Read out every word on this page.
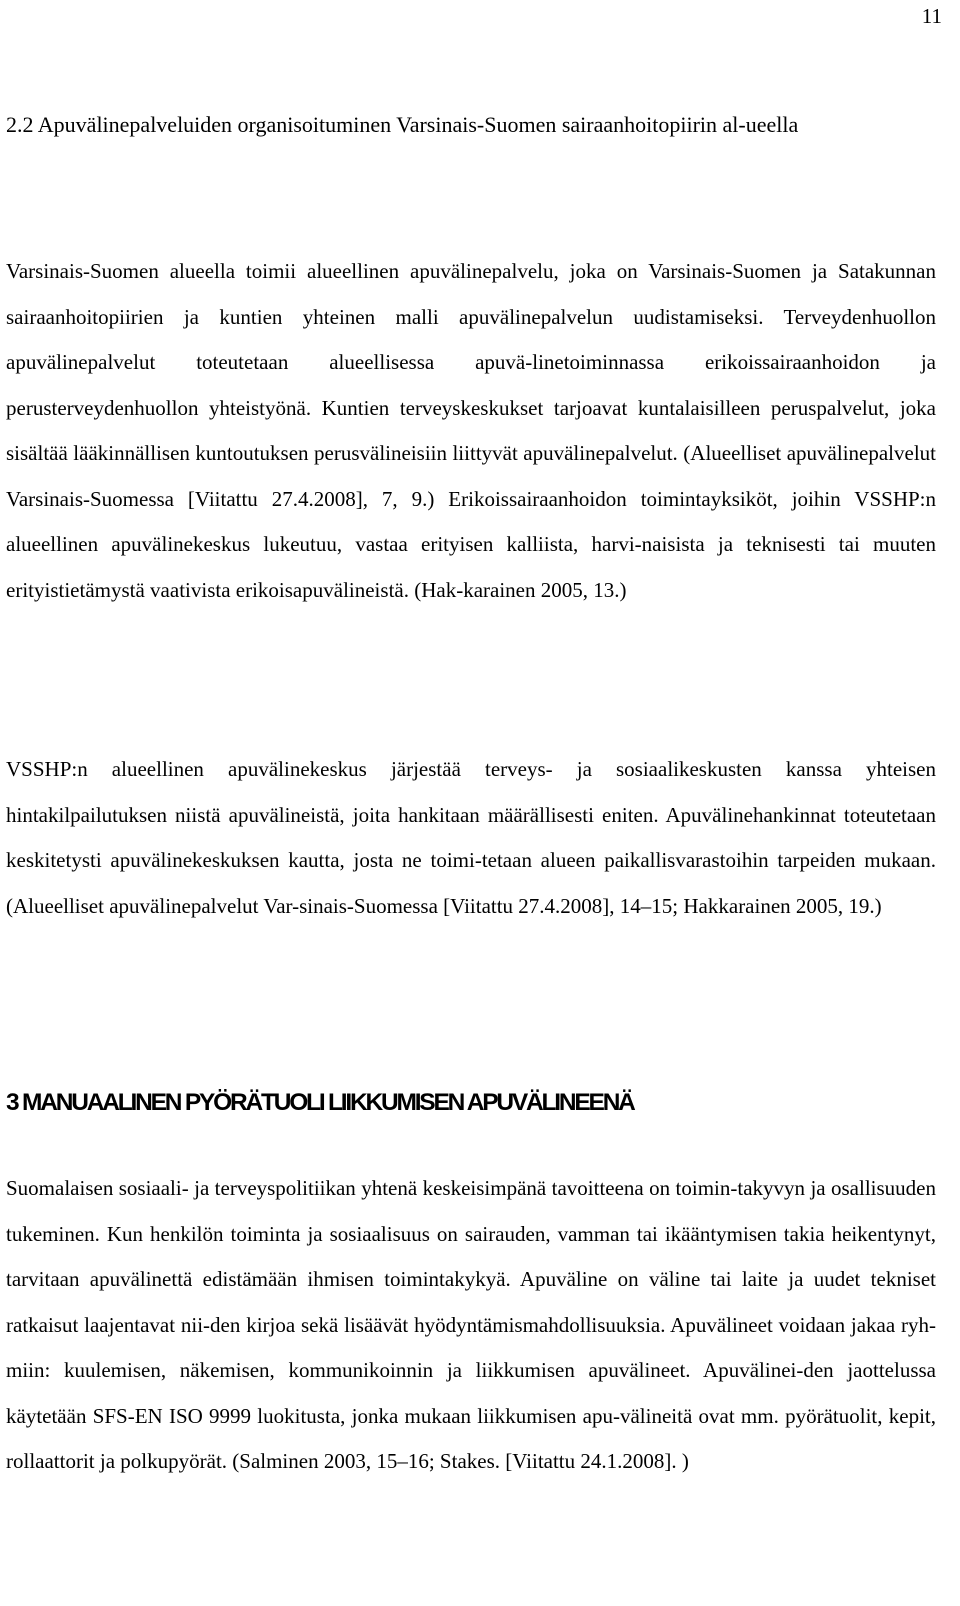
11
2.2 Apuvälinepalveluiden organisoituminen Varsinais-Suomen sairaanhoitopiirin al-ueella

Varsinais-Suomen alueella toimii alueellinen apuvälinepalvelu, joka on Varsinais-Suomen ja Satakunnan sairaanhoitopiirien ja kuntien yhteinen malli apuvälinepalvelun uudistamiseksi. Terveydenhuollon apuvälinepalvelut toteutetaan alueellisessa apuvä-linetoiminnassa erikoissairaanhoidon ja perusterveydenhuollon yhteistyönä. Kuntien terveyskeskukset tarjoavat kuntalaisilleen peruspalvelut, joka sisältää lääkinnällisen kuntoutuksen perusvälineisiin liittyvät apuvälinepalvelut. (Alueelliset apuvälinepalvelut Varsinais-Suomessa [Viitattu 27.4.2008], 7, 9.) Erikoissairaanhoidon toimintayksiköt, joihin VSSHP:n alueellinen apuvälinekeskus lukeutuu, vastaa erityisen kalliista, harvi-naisista ja teknisesti tai muuten erityistietämystä vaativista erikoisapuvälineistä. (Hak-karainen 2005, 13.)

VSSHP:n alueellinen apuvälinekeskus järjestää terveys- ja sosiaalikeskusten kanssa yhteisen hintakilpailutuksen niistä apuvälineistä, joita hankitaan määrällisesti eniten. Apuvälinehankinnat toteutetaan keskitetysti apuvälinekeskuksen kautta, josta ne toimi-tetaan alueen paikallisvarastoihin tarpeiden mukaan. (Alueelliset apuvälinepalvelut Var-sinais-Suomessa [Viitattu 27.4.2008], 14–15; Hakkarainen 2005, 19.)

3 MANUAALINEN PYÖRÄTUOLI LIIKKUMISEN APUVÄLINEENÄ

Suomalaisen sosiaali- ja terveyspolitiikan yhtenä keskeisimpänä tavoitteena on toimin-takyvyn ja osallisuuden tukeminen. Kun henkilön toiminta ja sosiaalisuus on sairauden, vamman tai ikääntymisen takia heikentynyt, tarvitaan apuvälinettä edistämään ihmisen toimintakykyä. Apuväline on väline tai laite ja uudet tekniset ratkaisut laajentavat nii-den kirjoa sekä lisäävät hyödyntämismahdollisuuksia. Apuvälineet voidaan jakaa ryh-miin: kuulemisen, näkemisen, kommunikoinnin ja liikkumisen apuvälineet. Apuvälinei-den jaottelussa käytetään SFS-EN ISO 9999 luokitusta, jonka mukaan liikkumisen apu-välineitä ovat mm. pyörätuolit, kepit, rollaattorit ja polkupyörät. (Salminen 2003, 15–16; Stakes. [Viitattu 24.1.2008]. )
